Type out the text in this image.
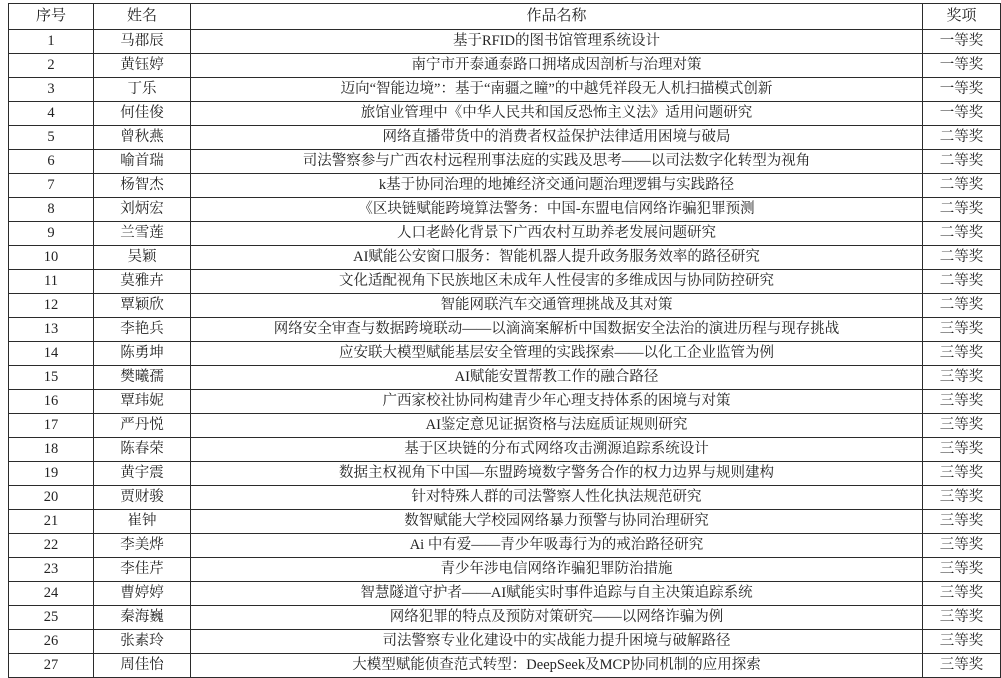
序号	姓名	作品名称	奖项
1	马郡辰	基于RFID的图书馆管理系统设计	一等奖
2	黄钰婷	南宁市开泰通泰路口拥堵成因剖析与治理对策	一等奖
3	丁乐	迈向“智能边境”：基于“南疆之瞳”的中越凭祥段无人机扫描模式创新	一等奖
4	何佳俊	旅馆业管理中《中华人民共和国反恐怖主义法》适用问题研究	一等奖
5	曾秋燕	网络直播带货中的消费者权益保护法律适用困境与破局	二等奖
6	喻首瑞	司法警察参与广西农村远程刑事法庭的实践及思考——以司法数字化转型为视角	二等奖
7	杨智杰	k基于协同治理的地摊经济交通问题治理逻辑与实践路径	二等奖
8	刘炳宏	《区块链赋能跨境算法警务：中国-东盟电信网络诈骗犯罪预测	二等奖
9	兰雪莲	人口老龄化背景下广西农村互助养老发展问题研究	二等奖
10	吴颖	AI赋能公安窗口服务：智能机器人提升政务服务效率的路径研究	二等奖
11	莫雅卉	文化适配视角下民族地区未成年人性侵害的多维成因与协同防控研究	二等奖
12	覃颖欣	智能网联汽车交通管理挑战及其对策	二等奖
13	李艳兵	网络安全审查与数据跨境联动——以滴滴案解析中国数据安全法治的演进历程与现存挑战	三等奖
14	陈勇坤	应安联大模型赋能基层安全管理的实践探索——以化工企业监管为例	三等奖
15	樊曦孺	AI赋能安置帮教工作的融合路径	三等奖
16	覃玮妮	广西家校社协同构建青少年心理支持体系的困境与对策	三等奖
17	严丹悦	AI鉴定意见证据资格与法庭质证规则研究	三等奖
18	陈春荣	基于区块链的分布式网络攻击溯源追踪系统设计	三等奖
19	黄宇震	数据主权视角下中国—东盟跨境数字警务合作的权力边界与规则建构	三等奖
20	贾财骏	针对特殊人群的司法警察人性化执法规范研究	三等奖
21	崔钟	数智赋能大学校园网络暴力预警与协同治理研究	三等奖
22	李美烨	Ai 中有爱——青少年吸毒行为的戒治路径研究	三等奖
23	李佳芹	青少年涉电信网络诈骗犯罪防治措施	三等奖
24	曹婷婷	智慧隧道守护者——AI赋能实时事件追踪与自主决策追踪系统	三等奖
25	秦海巍	网络犯罪的特点及预防对策研究——以网络诈骗为例	三等奖
26	张素玲	司法警察专业化建设中的实战能力提升困境与破解路径	三等奖
27	周佳怡	大模型赋能侦查范式转型：DeepSeek及MCP协同机制的应用探索	三等奖
